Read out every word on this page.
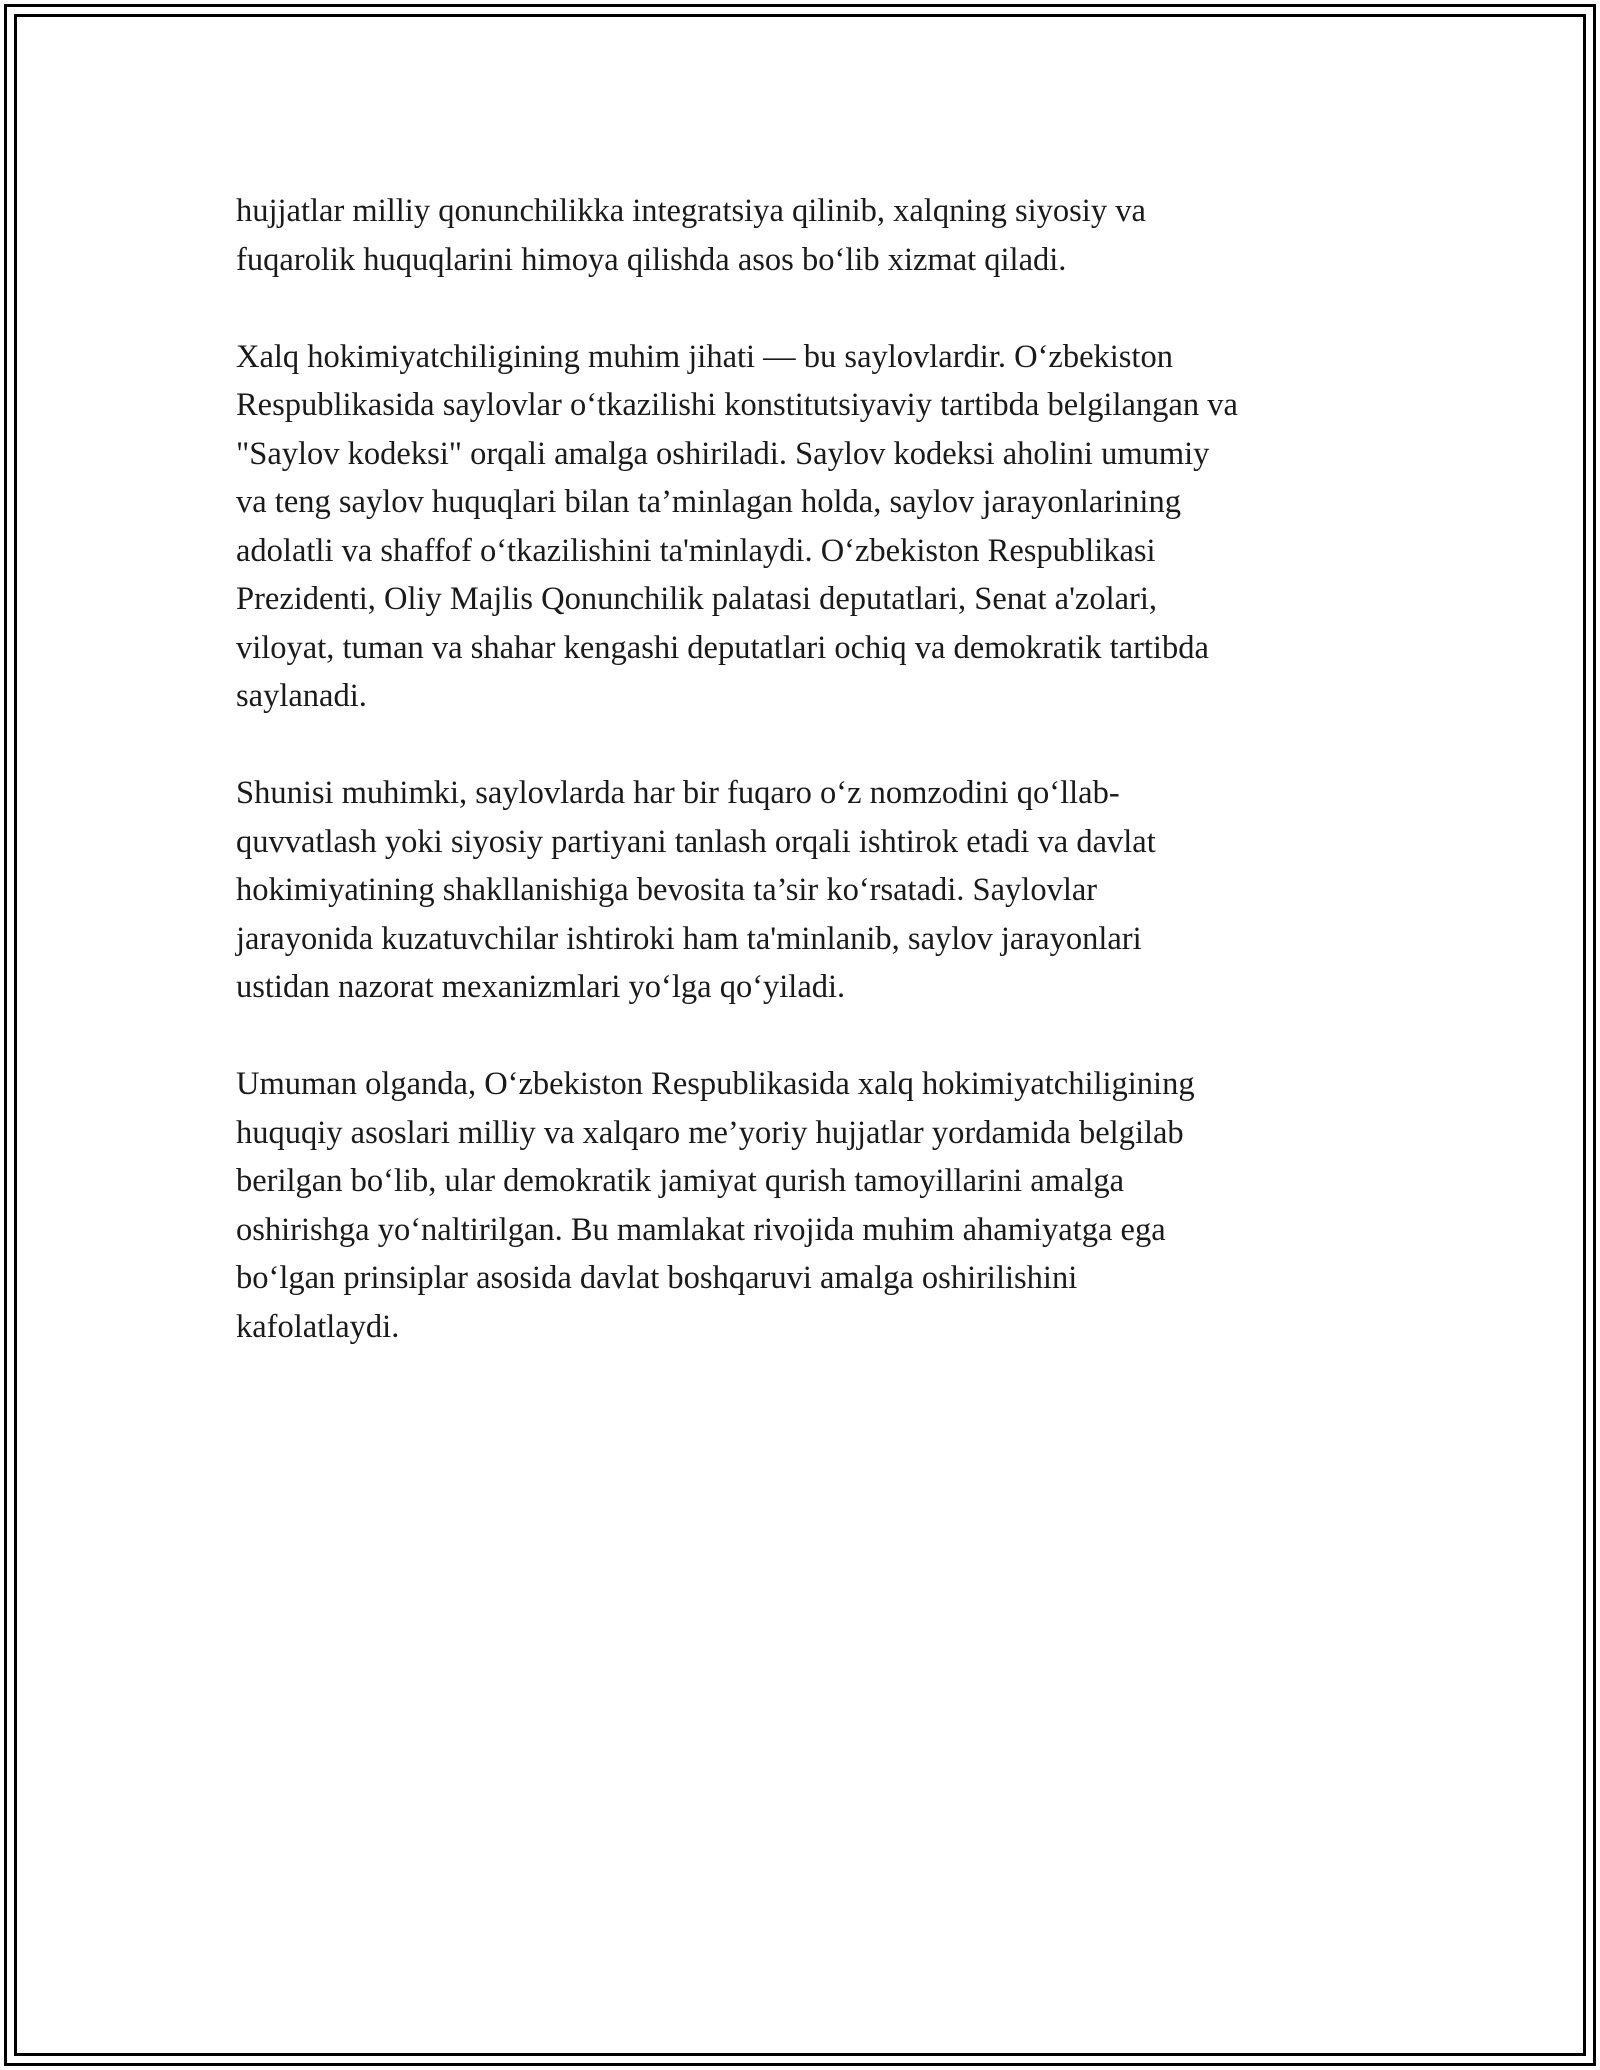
hujjatlar milliy qonunchilikka integratsiya qilinib, xalqning siyosiy va
fuqarolik huquqlarini himoya qilishda asos bo‘lib xizmat qiladi.

Xalq hokimiyatchiligining muhim jihati — bu saylovlardir. O‘zbekiston
Respublikasida saylovlar o‘tkazilishi konstitutsiyaviy tartibda belgilangan va
"Saylov kodeksi" orqali amalga oshiriladi. Saylov kodeksi aholini umumiy
va teng saylov huquqlari bilan ta’minlagan holda, saylov jarayonlarining
adolatli va shaffof o‘tkazilishini ta'minlaydi. O‘zbekiston Respublikasi
Prezidenti, Oliy Majlis Qonunchilik palatasi deputatlari, Senat a'zolari,
viloyat, tuman va shahar kengashi deputatlari ochiq va demokratik tartibda
saylanadi.

Shunisi muhimki, saylovlarda har bir fuqaro o‘z nomzodini qo‘llab-
quvvatlash yoki siyosiy partiyani tanlash orqali ishtirok etadi va davlat
hokimiyatining shakllanishiga bevosita ta’sir ko‘rsatadi. Saylovlar
jarayonida kuzatuvchilar ishtiroki ham ta'minlanib, saylov jarayonlari
ustidan nazorat mexanizmlari yo‘lga qo‘yiladi.

Umuman olganda, O‘zbekiston Respublikasida xalq hokimiyatchiligining
huquqiy asoslari milliy va xalqaro me’yoriy hujjatlar yordamida belgilab
berilgan bo‘lib, ular demokratik jamiyat qurish tamoyillarini amalga
oshirishga yo‘naltirilgan. Bu mamlakat rivojida muhim ahamiyatga ega
bo‘lgan prinsiplar asosida davlat boshqaruvi amalga oshirilishini
kafolatlaydi.
